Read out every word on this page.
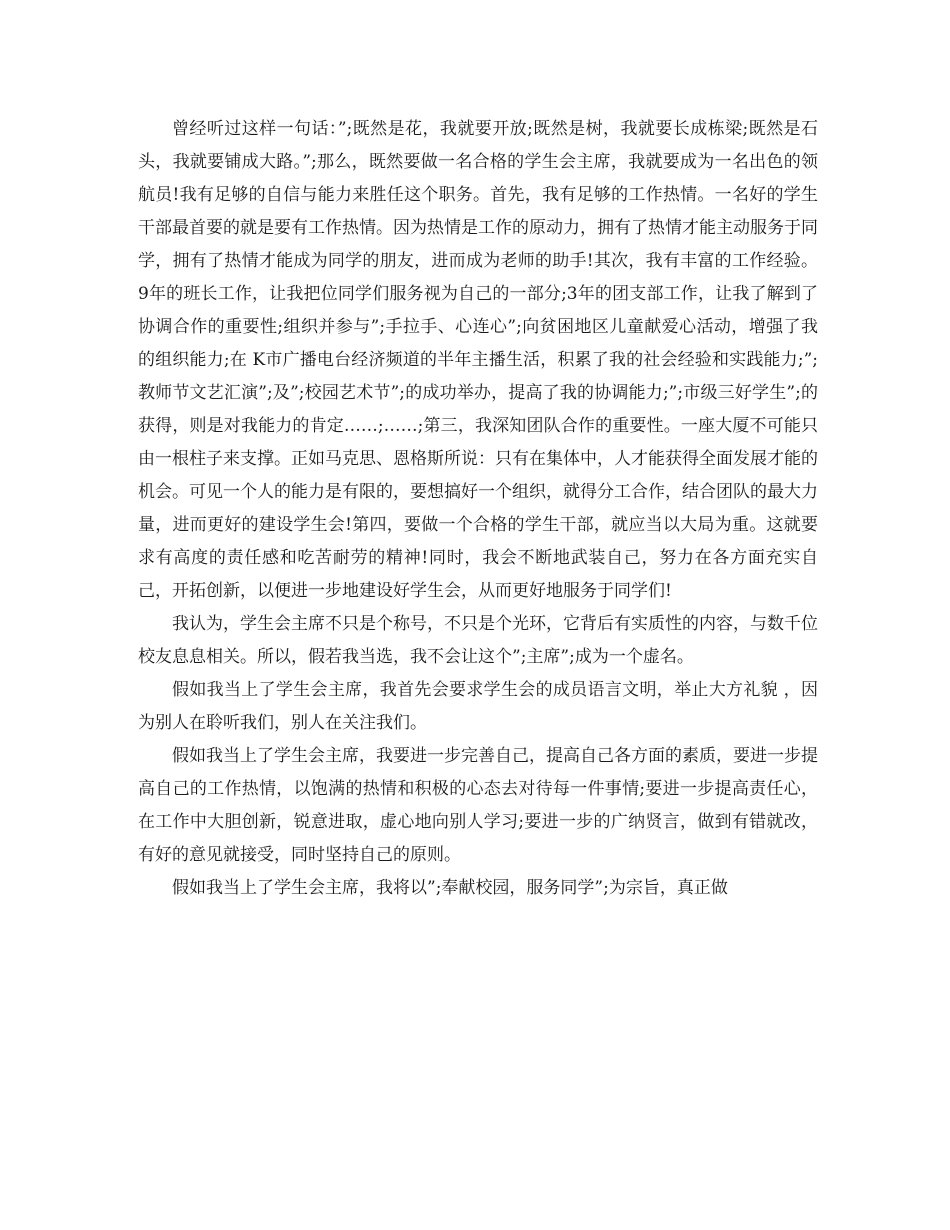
曾经听过这样一句话：”;既然是花，我就要开放;既然是树，我就要长成栋梁;既然是石头，我就要铺成大路。”;那么，既然要做一名合格的学生会主席，我就要成为一名出色的领航员!我有足够的自信与能力来胜任这个职务。首先，我有足够的工作热情。一名好的学生干部最首要的就是要有工作热情。因为热情是工作的原动力，拥有了热情才能主动服务于同学，拥有了热情才能成为同学的朋友，进而成为老师的助手!其次，我有丰富的工作经验。9年的班长工作，让我把位同学们服务视为自己的一部分;3年的团支部工作，让我了解到了协调合作的重要性;组织并参与”;手拉手、心连心”;向贫困地区儿童献爱心活动，增强了我的组织能力;在 K市广播电台经济频道的半年主播生活，积累了我的社会经验和实践能力;”;教师节文艺汇演”;及”;校园艺术节”;的成功举办，提高了我的协调能力;”;市级三好学生”;的获得，则是对我能力的肯定……;……;第三，我深知团队合作的重要性。一座大厦不可能只由一根柱子来支撑。正如马克思、恩格斯所说：只有在集体中，人才能获得全面发展才能的机会。可见一个人的能力是有限的，要想搞好一个组织，就得分工合作，结合团队的最大力量，进而更好的建设学生会!第四，要做一个合格的学生干部，就应当以大局为重。这就要求有高度的责任感和吃苦耐劳的精神!同时，我会不断地武装自己，努力在各方面充实自己，开拓创新，以便进一步地建设好学生会，从而更好地服务于同学们!

我认为，学生会主席不只是个称号，不只是个光环，它背后有实质性的内容，与数千位校友息息相关。所以，假若我当选，我不会让这个”;主席”;成为一个虚名。

假如我当上了学生会主席，我首先会要求学生会的成员语言文明，举止大方礼貌 ，因为别人在聆听我们，别人在关注我们。

假如我当上了学生会主席，我要进一步完善自己，提高自己各方面的素质，要进一步提高自己的工作热情，以饱满的热情和积极的心态去对待每一件事情;要进一步提高责任心，在工作中大胆创新，锐意进取，虚心地向别人学习;要进一步的广纳贤言，做到有错就改，有好的意见就接受，同时坚持自己的原则。

假如我当上了学生会主席，我将以”;奉献校园，服务同学”;为宗旨，真正做
